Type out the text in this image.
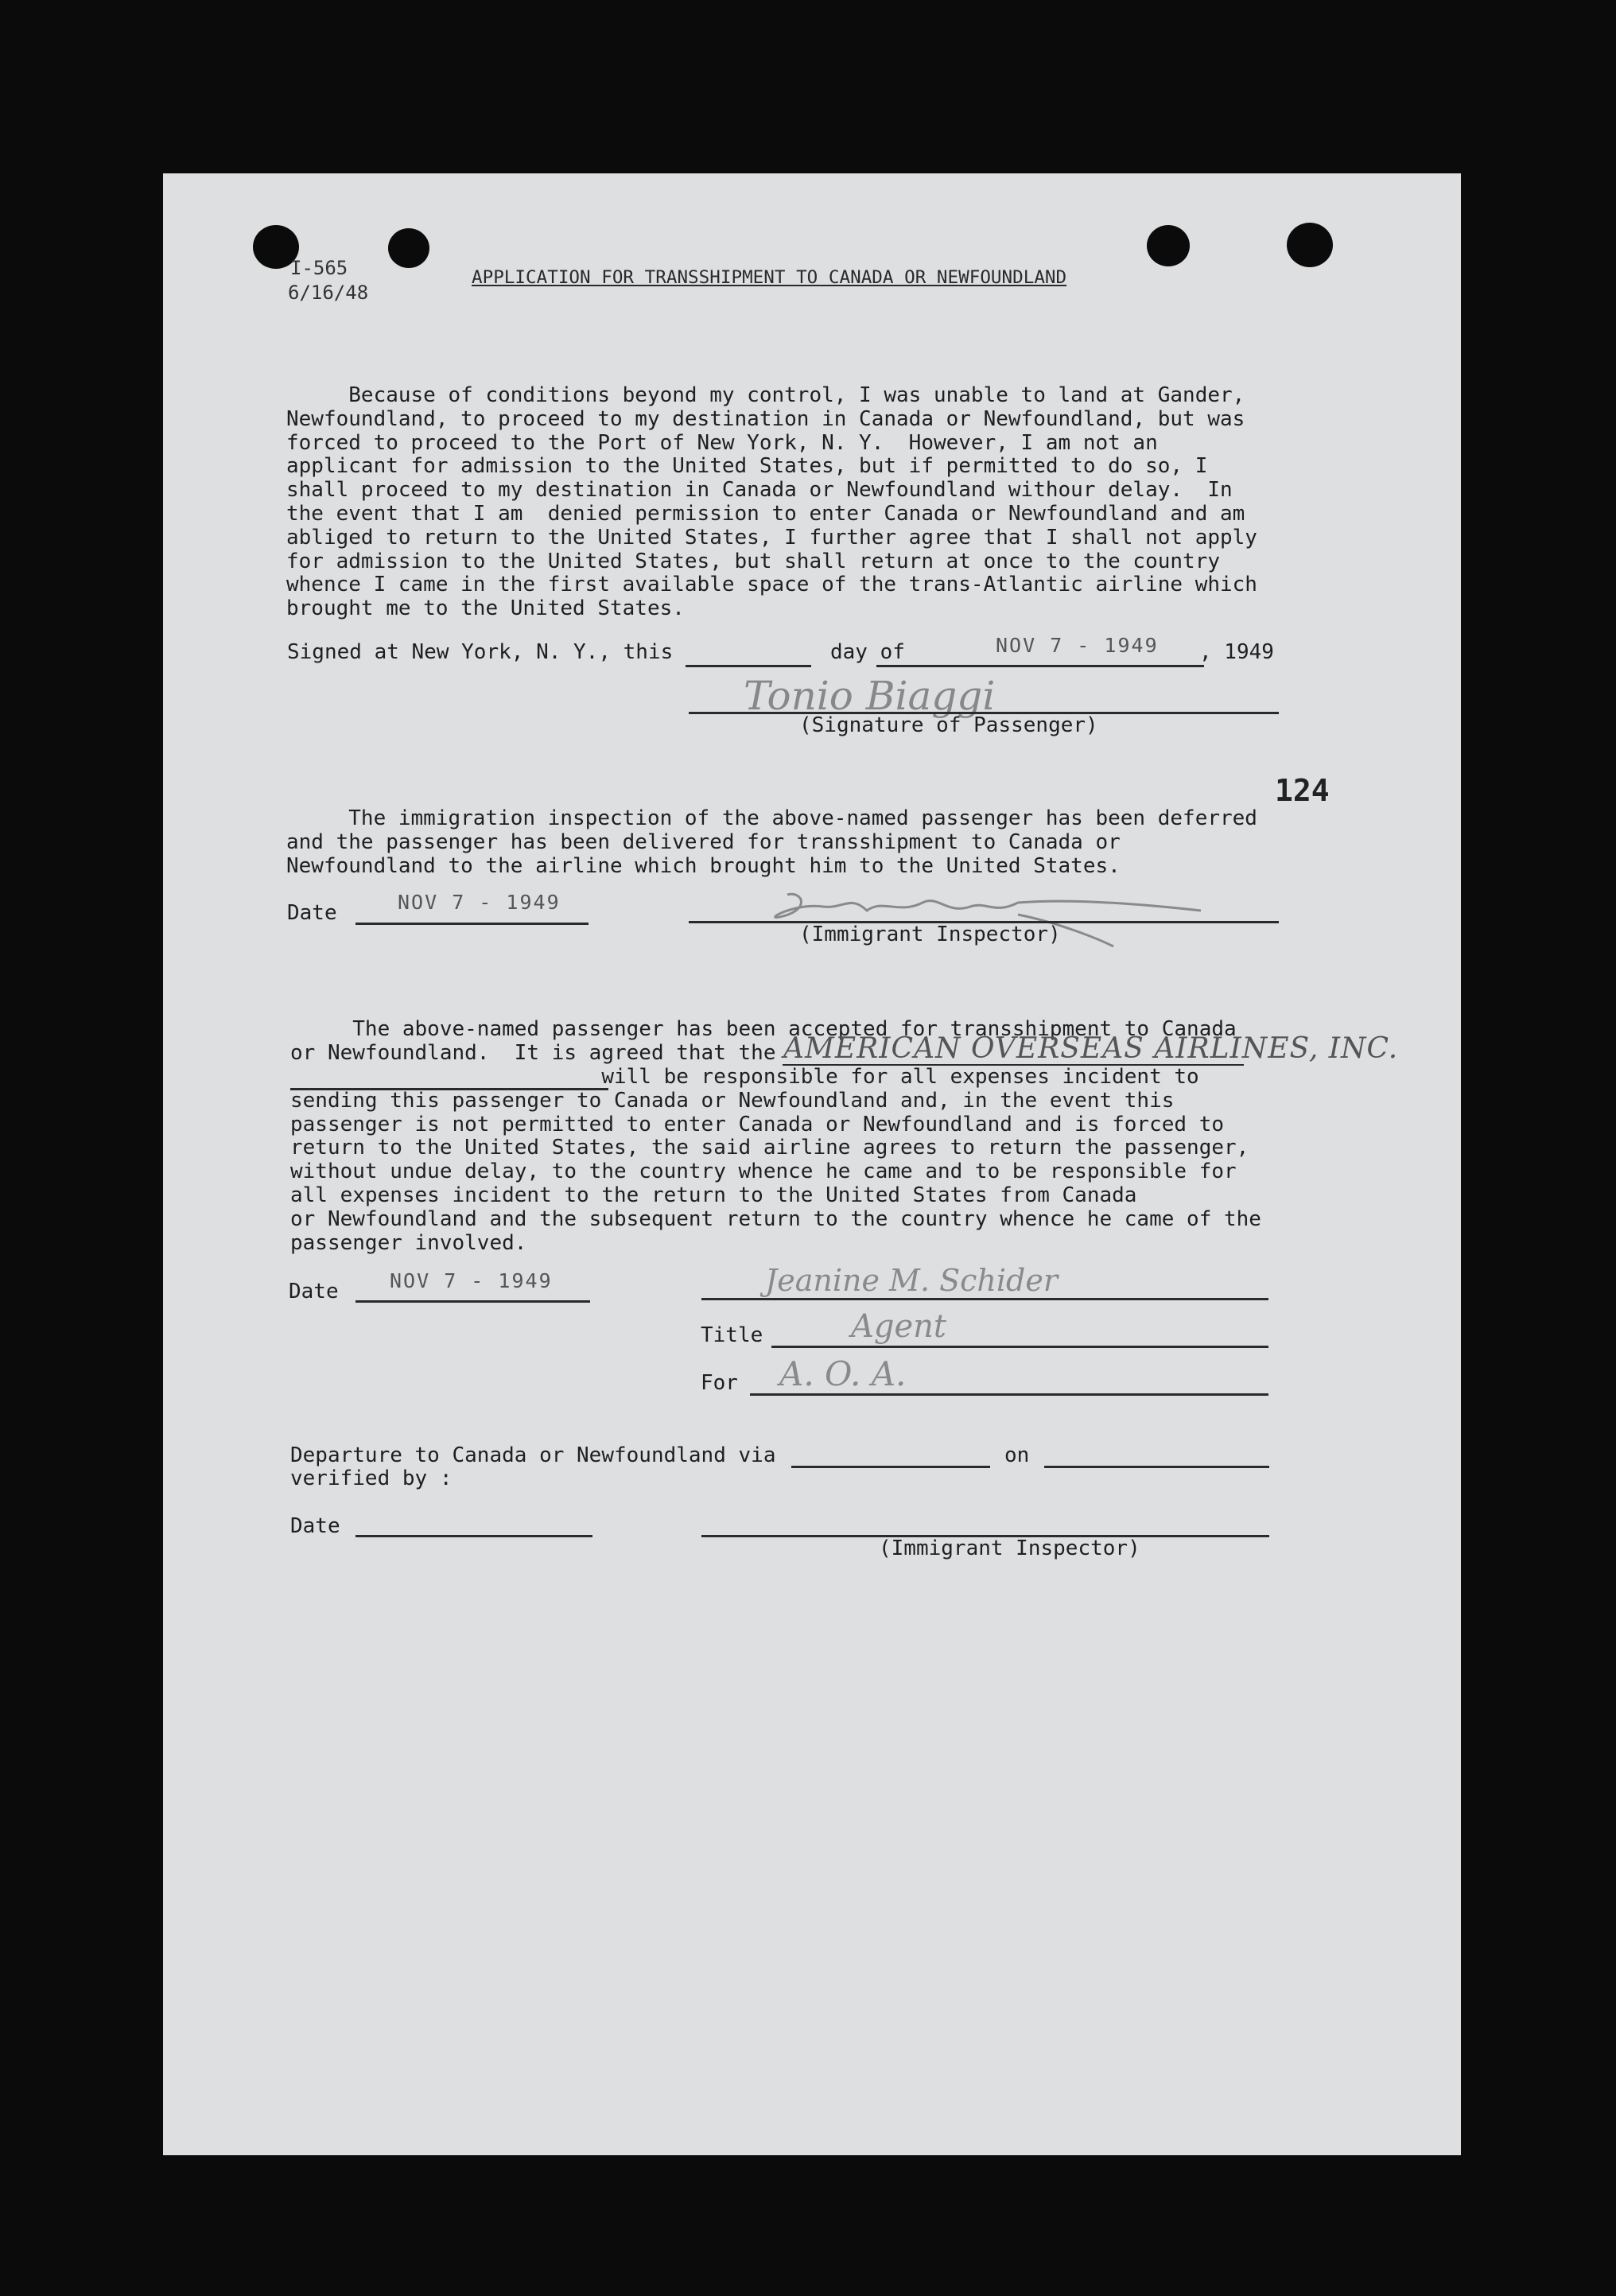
I-565

6/16/48

APPLICATION FOR TRANSSHIPMENT TO CANADA OR NEWFOUNDLAND
Because of conditions beyond my control, I was unable to land at Gander,
Newfoundland, to proceed to my destination in Canada or Newfoundland, but was
forced to proceed to the Port of New York, N. Y.  However, I am not an
applicant for admission to the United States, but if permitted to do so, I
shall proceed to my destination in Canada or Newfoundland withour delay.  In
the event that I am  denied permission to enter Canada or Newfoundland and am
abliged to return to the United States, I further agree that I shall not apply
for admission to the United States, but shall return at once to the country
whence I came in the first available space of the trans-Atlantic airline which
brought me to the United States.
Signed at New York, N. Y., this	day of	NOV 7 - 1949 , 1949
Tonio Biaggi
(Signature of Passenger)
124
The immigration inspection of the above-named passenger has been deferred
and the passenger has been delivered for transshipment to Canada or
Newfoundland to the airline which brought him to the United States.
Date	NOV 7 - 1949
(Immigrant Inspector)
The above-named passenger has been accepted for transshipment to Canada
or Newfoundland.  It is agreed that the AMERICAN OVERSEAS AIRLINES, INC.
will be responsible for all expenses incident to
sending this passenger to Canada or Newfoundland and, in the event this
passenger is not permitted to enter Canada or Newfoundland and is forced to
return to the United States, the said airline agrees to return the passenger,
without undue delay, to the country whence he came and to be responsible for
all expenses incident to the return to the United States from Canada
or Newfoundland and the subsequent return to the country whence he came of the
passenger involved.
Date	NOV 7 - 1949	Jeanine M. Schider
Title	Agent
For A. O. A.
Departure to Canada or Newfoundland via	on
verified by :
Date
(Immigrant Inspector)
